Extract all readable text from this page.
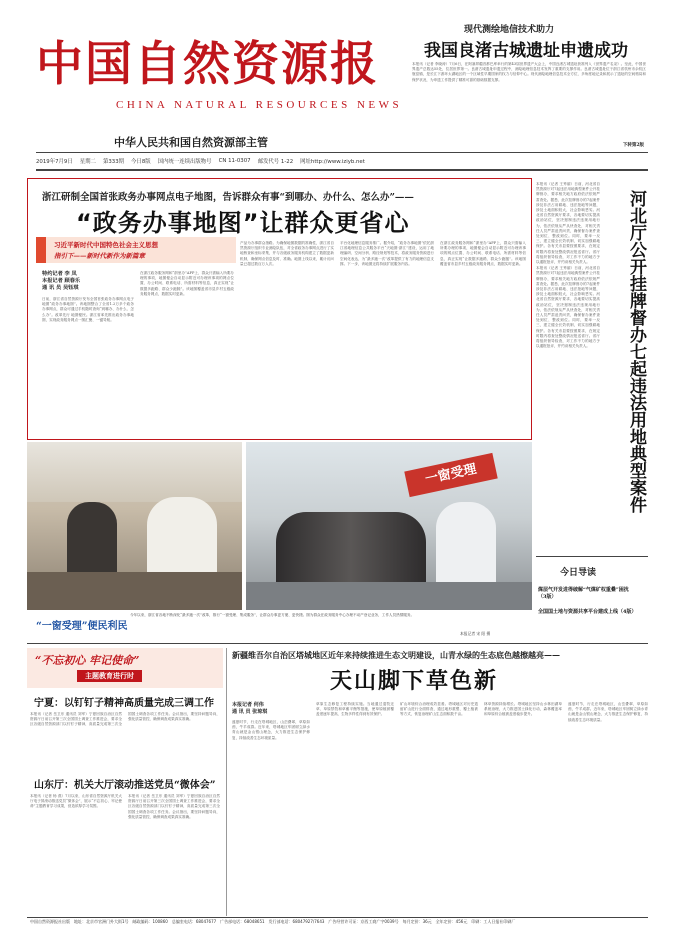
中国自然资源报
CHINA NATURAL RESOURCES NEWS
中华人民共和国自然资源部主管
2019年7月9日 星期二 第333期 今日8版 国内统一连续出版物号 CN 11-0307 邮发代号 1-22 网址http://www.iziyb.net
现代测绘地信技术助力
我国良渚古城遗址申遗成功

本报讯（记者 李晓涛）7月6日，在阿塞拜疆首都巴库举行的第43届世界遗产大会上，中国良渚古城遗址获准列入《世界遗产名录》。至此，中国世界遗产总数达55处，位居世界第一。良渚古城遗址申遗过程中，测绘地理信息技术发挥了重要的支撑作用。良渚古城遗址位于浙江省杭州市余杭区瓶窑镇，是长江下游环太湖地区的一个区域性早期国家的权力与信仰中心。现代测绘地理信息技术全方位、多角度地记录和展示了遗址的空间格局和保护状况，为申遗工作提供了精准可靠的基础数据支撑。

下转第2版
浙江研制全国首张政务办事网点电子地图，告诉群众有事“到哪办、办什么、怎么办”——
“政务办事地图”让群众更省心
习近平新时代中国特色社会主义思想
指引下——新时代新作为新篇章
特约记者 李 凤
本报记者 顾春乐
通 讯 员 吴钰琪

日前，浙江省自然资源厅发布全国首张政务办事网点电子地图“政务办事地图”。该地图整合了全省1.2万多个政务办事网点，群众可通过手机随时查询“到哪办、办什么、怎么办”。改革先行 地图便民。浙江省率先推出政务办事地图，实现政务服务网点一图汇聚、一键导航。

在浙江政务服务网和“浙里办”APP上，群众只需输入所要办理的事项，地图便会自动显示附近可办理该事项的网点位置、办公时间、联系电话、所需材料等信息，真正实现“让数据多跑路、群众少跑腿”。该地图覆盖省市县乡村五级政务服务网点，数据实时更新。

产品为办事群众指路。为确保地图数据的准确性，浙江省自然资源厅组织专业测绘队伍，对全省政务办事网点进行了实地核查和坐标采集，并与各级政务服务机构建立了数据更新机制，确保网点信息及时、准确。地图上线以来，累计访问量已超过数百万人次。

平台化地理信息服务推广。据介绍，“政务办事地图”依托浙江省地理信息公共服务平台“天地图·浙江”建设，运用了地理编码、空间分析、路径规划等技术，将政务服务资源进行空间化表达，为“最多跑一次”改革提供了有力的地理信息支撑。下一步，该地图还将持续扩展服务内容。

在浙江政务服务网和“浙里办”APP上，群众只需输入所要办理的事项，地图便会自动显示附近可办理该事项的网点位置、办公时间、联系电话、所需材料等信息，真正实现“让数据多跑路、群众少跑腿”。该地图覆盖省市县乡村五级政务服务网点，数据实时更新。

一窗受理
“一窗受理”便民利民

今年以来，浙江省各地不断深化“最多跑一次”改革，推行“一窗受理、集成服务”，让群众办事更方便、更快捷。图为群众在政务服务中心办理不动产登记业务，工作人员热情服务。

本报记者 宋 阳 摄
河北厅公开挂牌督办七起违法用地典型案件

本报讯（记者 王秀丽）日前，河北省自然资源厅对7起违法用地典型案件公开挂牌督办，要求相关地方政府依法依规严肃查处。据悉，此次挂牌督办的7起案件涉及非法占用耕地、违法批地等问题，涉及土地面积较大，社会影响恶劣。河北省自然资源厅要求，各地要切实提高政治站位，坚决遏制违法违规用地行为，依法依规从严从快查处，对相关责任人员严肃追责问责，确保督办案件查处到位、整改到位。同时，要举一反三，建立健全长效机制，切实加强耕地保护。各有关市县要按照要求，在规定时限内将查处整改情况报送省厅。省厅将组织督导检查，对工作不力的地方予以通报批评，并约谈相关负责人。

本报讯（记者 王秀丽）日前，河北省自然资源厅对7起违法用地典型案件公开挂牌督办，要求相关地方政府依法依规严肃查处。据悉，此次挂牌督办的7起案件涉及非法占用耕地、违法批地等问题，涉及土地面积较大，社会影响恶劣。河北省自然资源厅要求，各地要切实提高政治站位，坚决遏制违法违规用地行为，依法依规从严从快查处，对相关责任人员严肃追责问责，确保督办案件查处到位、整改到位。同时，要举一反三，建立健全长效机制，切实加强耕地保护。各有关市县要按照要求，在规定时限内将查处整改情况报送省厅。省厅将组织督导检查，对工作不力的地方予以通报批评，并约谈相关负责人。

今日导读
煤层气开发进得破解“气煤矿权重叠”困扰（3版）
全国国土地与资源共享平台建成上线（4版）
“不忘初心 牢记使命”
主题教育进行时
宁夏：以钉钉子精神高质量完成三调工作

本报讯（记者 岳卫东 通讯员 刘军）宁夏回族自治区自然资源厅日前召开第三次全国国土调查工作推进会，要求全区各级自然资源部门以钉钉子精神，高质量完成第三次全国国土调查各项工作任务。会议指出，要坚持问题导向，强化质量管控，确保调查成果真实准确。

山东厅：机关大厅滚动推送党员“微体会”

本报讯（记者 杨 燕）7月以来，山东省自然资源厅机关大厅电子屏滚动推送党员“微体会”，展示“不忘初心、牢记使命”主题教育学习成果，营造浓厚学习氛围。

本报讯（记者 岳卫东 通讯员 刘军）宁夏回族自治区自然资源厅日前召开第三次全国国土调查工作推进会，要求全区各级自然资源部门以钉钉子精神，高质量完成第三次全国国土调查各项工作任务。会议指出，要坚持问题导向，强化质量管控，确保调查成果真实准确。

新疆维吾尔自治区塔城地区近年来持续推进生态文明建设，山青水绿的生态底色越擦越亮——
天山脚下草色新
本报记者 何伟
通 讯 员 张琼琪

盛夏时节，行走在塔城地区，山峦叠翠，草原如茵，牛羊成群。近年来，塔城地区牢固树立绿水青山就是金山银山理念，大力推进生态保护修复，持续改善生态环境质量。

草原生态修复工程持续实施。当地通过退牧还草、草原禁牧和草畜平衡等措施，使草原植被覆盖度逐年提高，生物多样性得到有效保护。

矿山环境综合治理成效显著。塔城地区对历史遗留矿山进行全面排查，通过地形重塑、覆土植被等方式，恢复治理矿山生态面积数千亩。

林草资源持续增长。塔城地区坚持山水林田湖草系统治理，大力推进国土绿化行动，森林覆盖率和草原综合植被盖度稳步提升。

盛夏时节，行走在塔城地区，山峦叠翠，草原如茵，牛羊成群。近年来，塔城地区牢固树立绿水青山就是金山银山理念，大力推进生态保护修复，持续改善生态环境质量。

中国自然资源报社出版　地址：北京市官洲门外大街1号　邮政编码：100860　总编室电话：68047677　广告部电话：68048651　发行部电话：68047927/7643　广告经营许可证：京西工商广字0039号　每月定价：36元　全年定价：456元　印刷：工人日报社印刷厂
